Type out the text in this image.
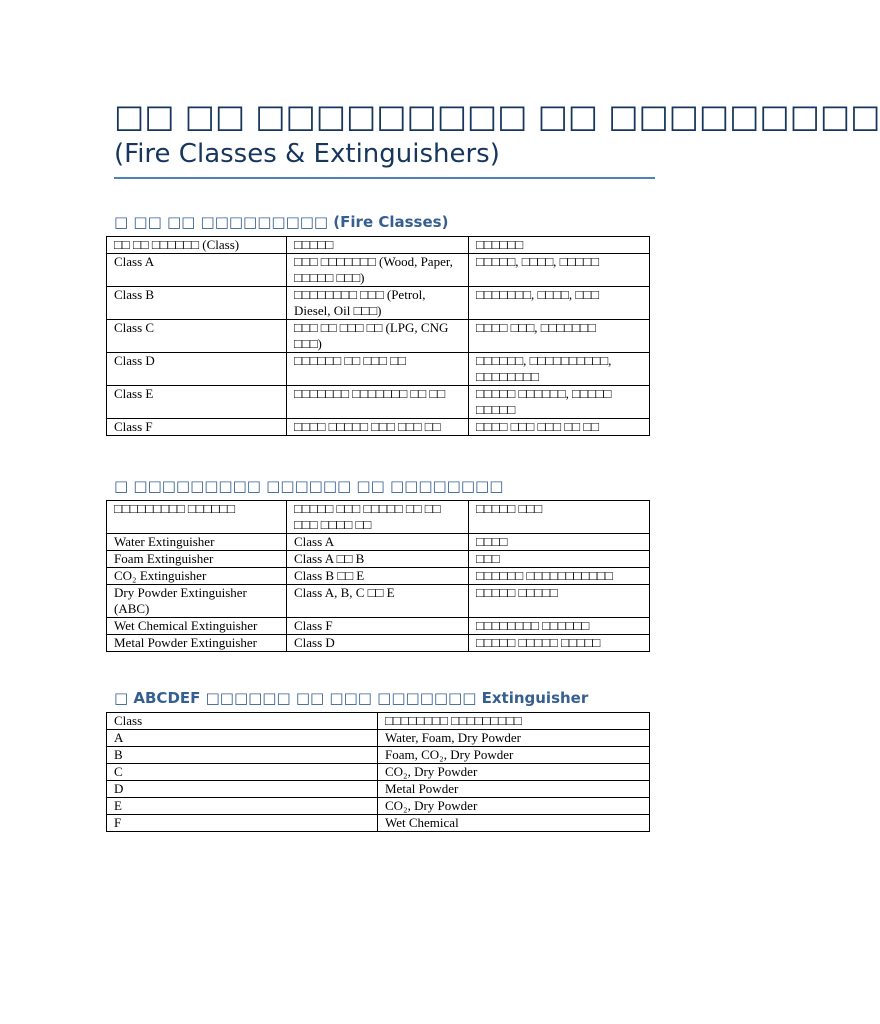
□□ □□ □□□□□□□□□ □□ □□□□□□□□□
(Fire Classes & Extinguishers)
□ □□ □□ □□□□□□□□□ (Fire Classes)
□□ □□ □□□□□□ (Class)	□□□□□	□□□□□□
Class A	□□□ □□□□□□□ (Wood, Paper, □□□□□ □□□)	□□□□□, □□□□, □□□□□
Class B	□□□□□□□□ □□□ (Petrol, Diesel, Oil □□□)	□□□□□□□, □□□□, □□□
Class C	□□□ □□ □□□ □□ (LPG, CNG □□□)	□□□□ □□□, □□□□□□□
Class D	□□□□□□ □□ □□□ □□	□□□□□□, □□□□□□□□□□, □□□□□□□□
Class E	□□□□□□□ □□□□□□□ □□ □□	□□□□□ □□□□□□, □□□□□ □□□□□
Class F	□□□□ □□□□□ □□□ □□□ □□	□□□□ □□□ □□□ □□ □□
□ □□□□□□□□□ □□□□□□ □□ □□□□□□□□
□□□□□□□□□ □□□□□□	□□□□□ □□□ □□□□□ □□ □□ □□□ □□□□ □□	□□□□□ □□□
Water Extinguisher	Class A	□□□□
Foam Extinguisher	Class A □□ B	□□□
CO₂ Extinguisher	Class B □□ E	□□□□□□ □□□□□□□□□□□
Dry Powder Extinguisher (ABC)	Class A, B, C □□ E	□□□□□ □□□□□
Wet Chemical Extinguisher	Class F	□□□□□□□□ □□□□□□
Metal Powder Extinguisher	Class D	□□□□□ □□□□□ □□□□□
□ ABCDEF □□□□□□ □□ □□□ □□□□□□□ Extinguisher
Class	□□□□□□□□ □□□□□□□□□
A	Water, Foam, Dry Powder
B	Foam, CO₂, Dry Powder
C	CO₂, Dry Powder
D	Metal Powder
E	CO₂, Dry Powder
F	Wet Chemical
